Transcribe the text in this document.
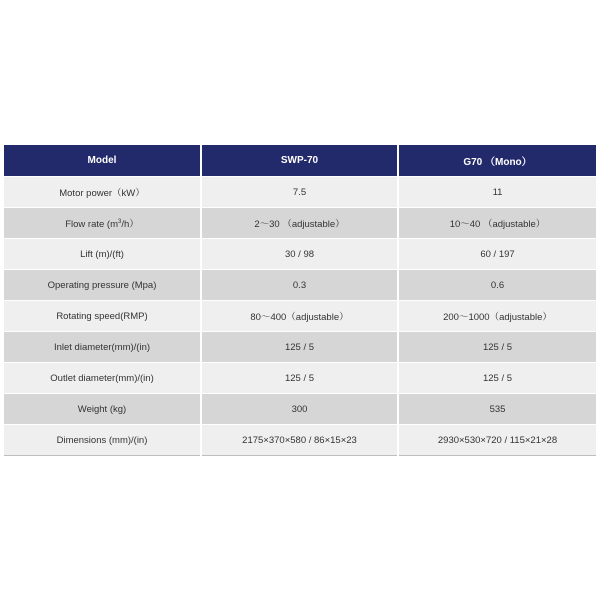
Model	SWP-70	G70 （Mono）
Motor power（kW）	7.5	11
Flow rate $(m^3/h)$	2～30 （adjustable）	10～40 （adjustable）
Lift (m)/(ft)	30 / 98	60 / 197
Operating pressure (Mpa)	0.3	0.6
Rotating speed(RMP)	80～400（adjustable）	200～1000（adjustable）
Inlet diameter(mm)/(in)	125 / 5	125 / 5
Outlet diameter(mm)/(in)	125 / 5	125 / 5
Weight (kg)	300	535
Dimensions (mm)/(in)	2175×370×580 / 86×15×23	2930×530×720 / 115×21×28
